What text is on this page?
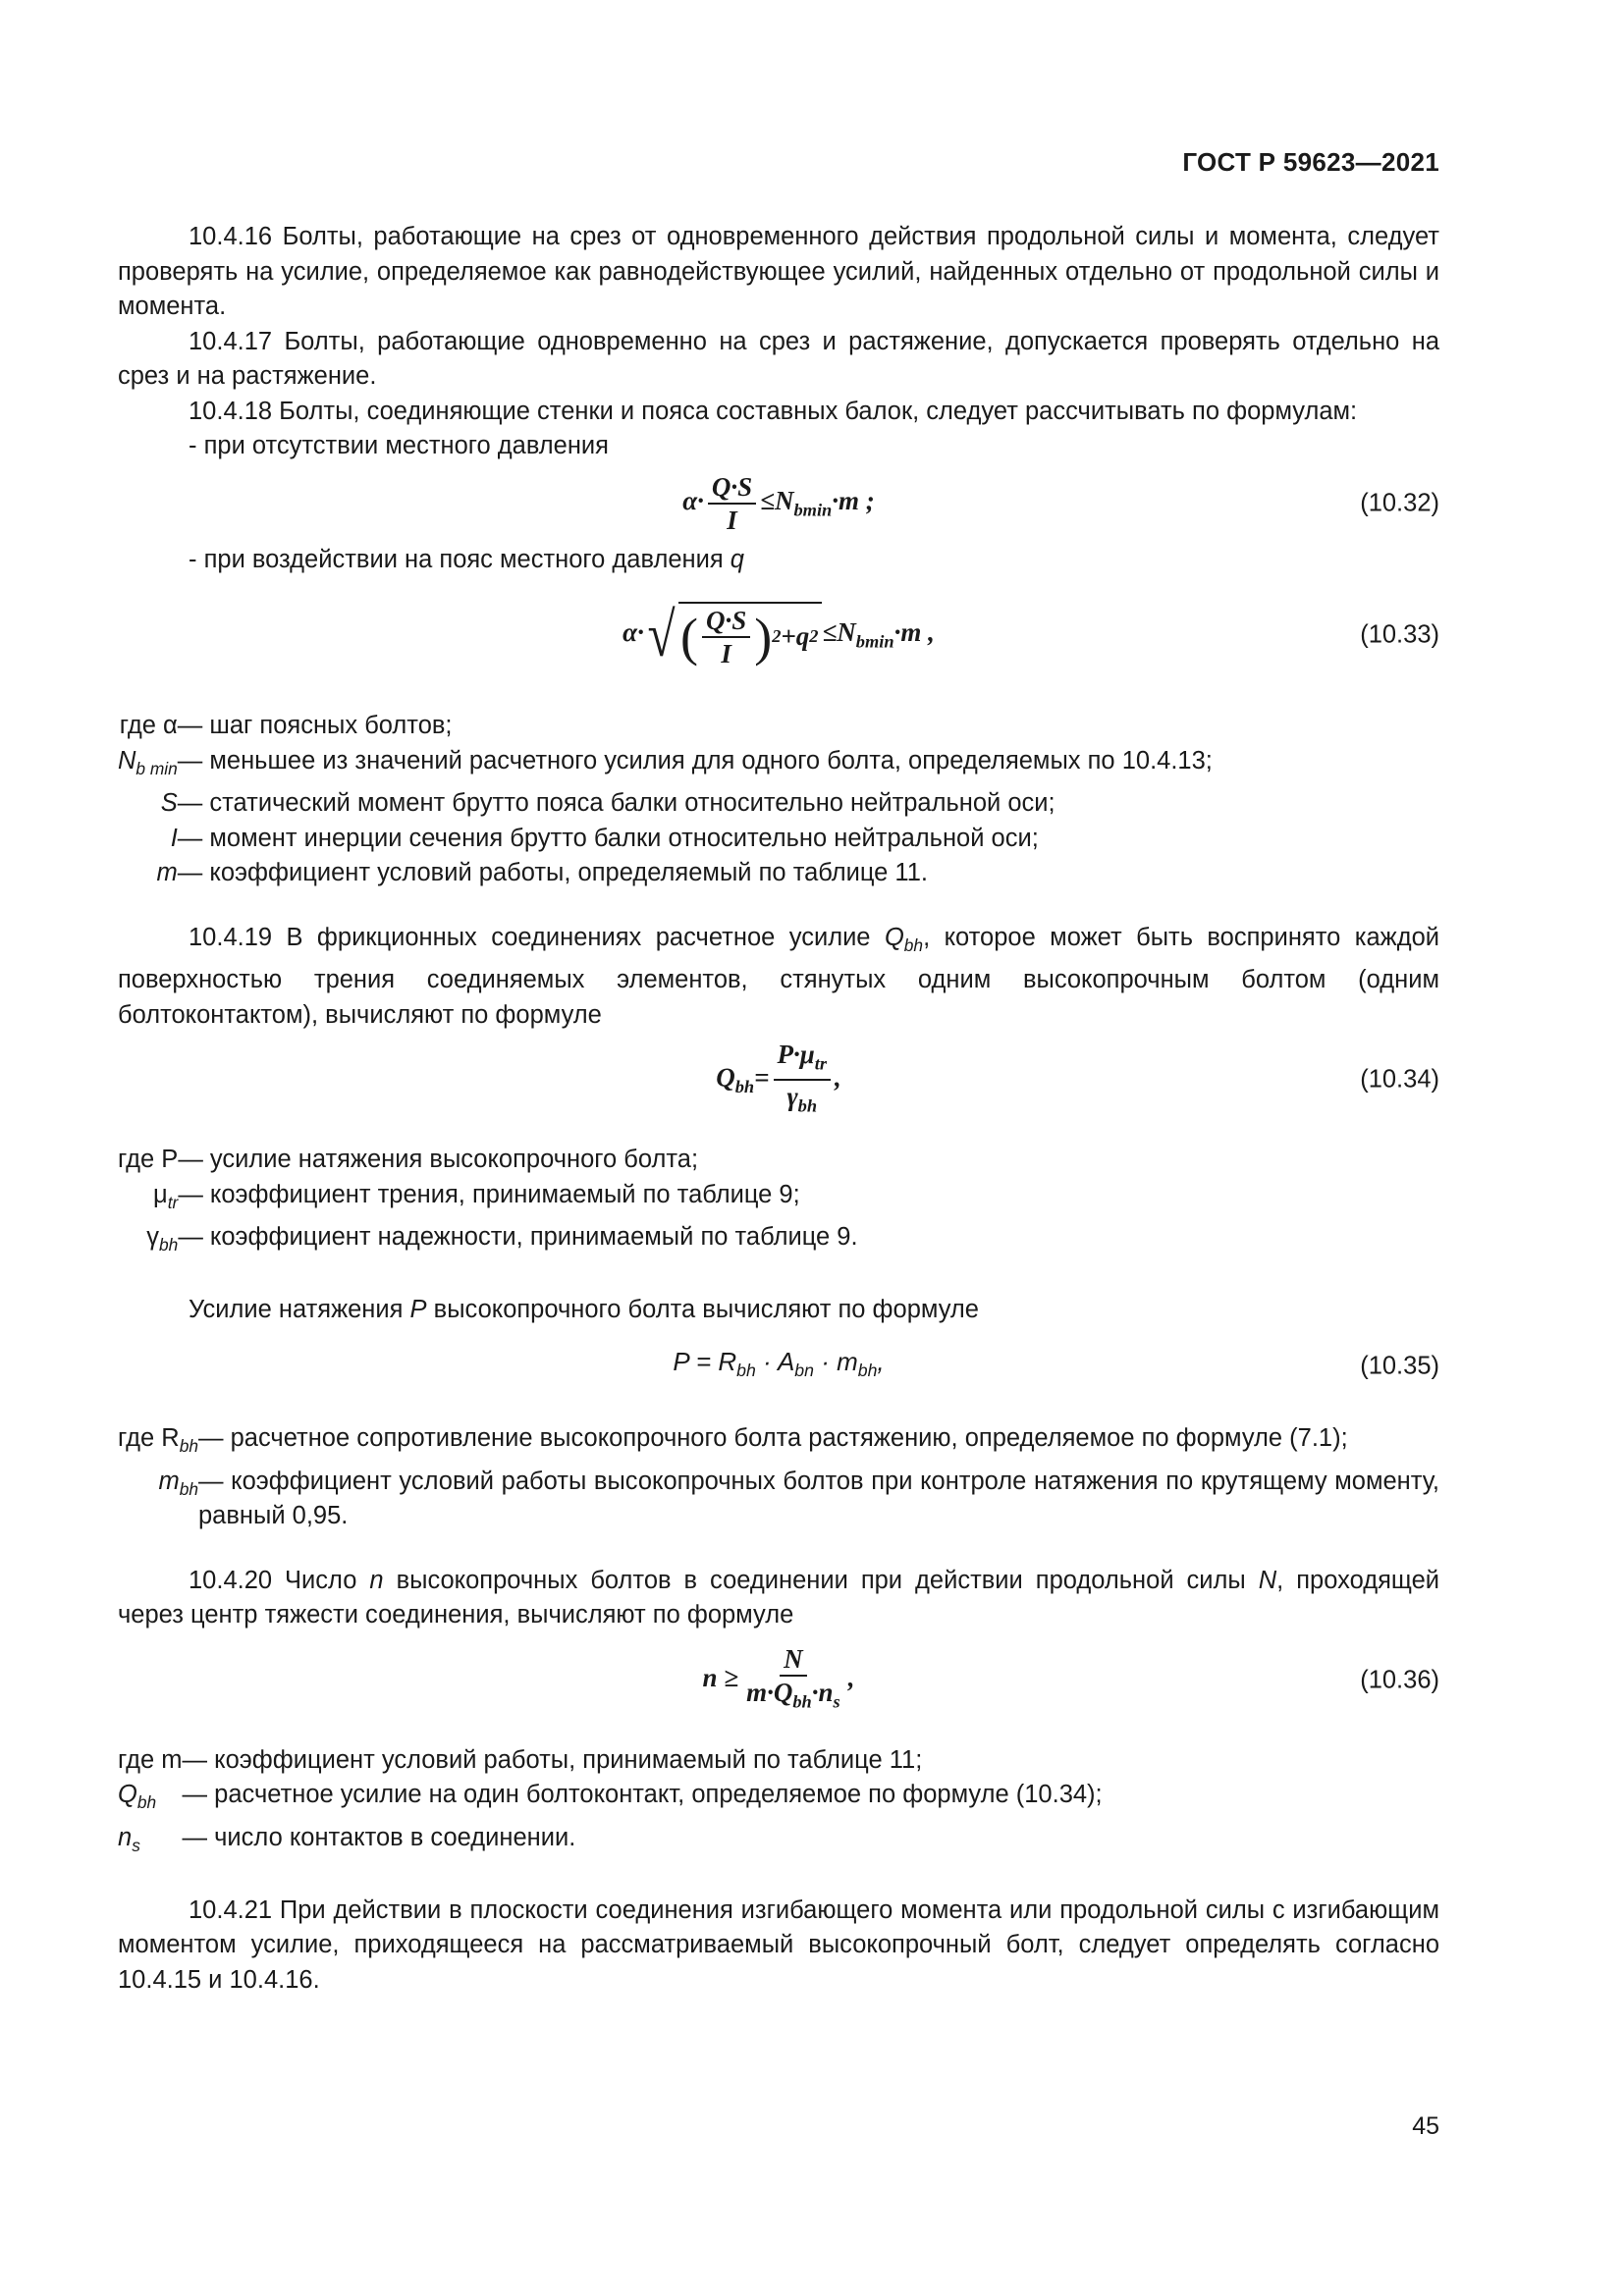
ГОСТ Р 59623—2021

10.4.16 Болты, работающие на срез от одновременного действия продольной силы и момента, следует проверять на усилие, определяемое как равнодействующее усилий, найденных отдельно от продольной силы и момента.

10.4.17 Болты, работающие одновременно на срез и растяжение, допускается проверять отдельно на срез и на растяжение.

10.4.18 Болты, соединяющие стенки и пояса составных балок, следует рассчитывать по формулам:

- при отсутствии местного давления

$\alpha\cdot \frac{Q\cdot S}{I} \le N_{bmin}\cdot m$ ;	(10.32)

- при воздействии на пояс местного давления q

α· √ ( $\frac{Q\cdot S}{I}$ ) 2 +q $2 \le N_{bmin}\cdot m$ ,	(10.33)
где α — шаг поясных болтов;
$N_{b min}$ — меньшее из значений расчетного усилия для одного болта, определяемых по 10.4.13;
S — статический момент брутто пояса балки относительно нейтральной оси;
I — момент инерции сечения брутто балки относительно нейтральной оси;
m — коэффициент условий работы, определяемый по таблице 11.

10.4.19 В фрикционных соединениях расчетное усилие $Q_{bh}$, которое может быть воспринято каждой поверхностью трения соединяемых элементов, стянутых одним высокопрочным болтом (одним болтоконтактом), вычисляют по формуле

$Q_{bh}= \frac{P\cdot\mu_{tr}}{\gamma_{bh}}$ ,	(10.34)
где P — усилие натяжения высокопрочного болта;
$\mu_{tr}$ — коэффициент трения, принимаемый по таблице 9;
$\gamma_{bh}$ — коэффициент надежности, принимаемый по таблице 9.

Усилие натяжения P высокопрочного болта вычисляют по формуле

$P = R_{bh} \cdot A_{bn} \cdot m_{bh}$,	(10.35)
где $R_{bh}$ — расчетное сопротивление высокопрочного болта растяжению, определяемое по формуле (7.1);
$m_{bh}$ — коэффициент условий работы высокопрочных болтов при контроле натяжения по крутящему моменту, равный 0,95.

10.4.20 Число n высокопрочных болтов в соединении при действии продольной силы N, проходящей через центр тяжести соединения, вычисляют по формуле

$n \ge \frac{N}{m\cdot Q_{bh}\cdot n_s}$ ,	(10.36)
где m — коэффициент условий работы, принимаемый по таблице 11;
$Q_{bh}$	— расчетное усилие на один болтоконтакт, определяемое по формуле (10.34);
$n_s$	— число контактов в соединении.

10.4.21 При действии в плоскости соединения изгибающего момента или продольной силы с изгибающим моментом усилие, приходящееся на рассматриваемый высокопрочный болт, следует определять согласно 10.4.15 и 10.4.16.

45
